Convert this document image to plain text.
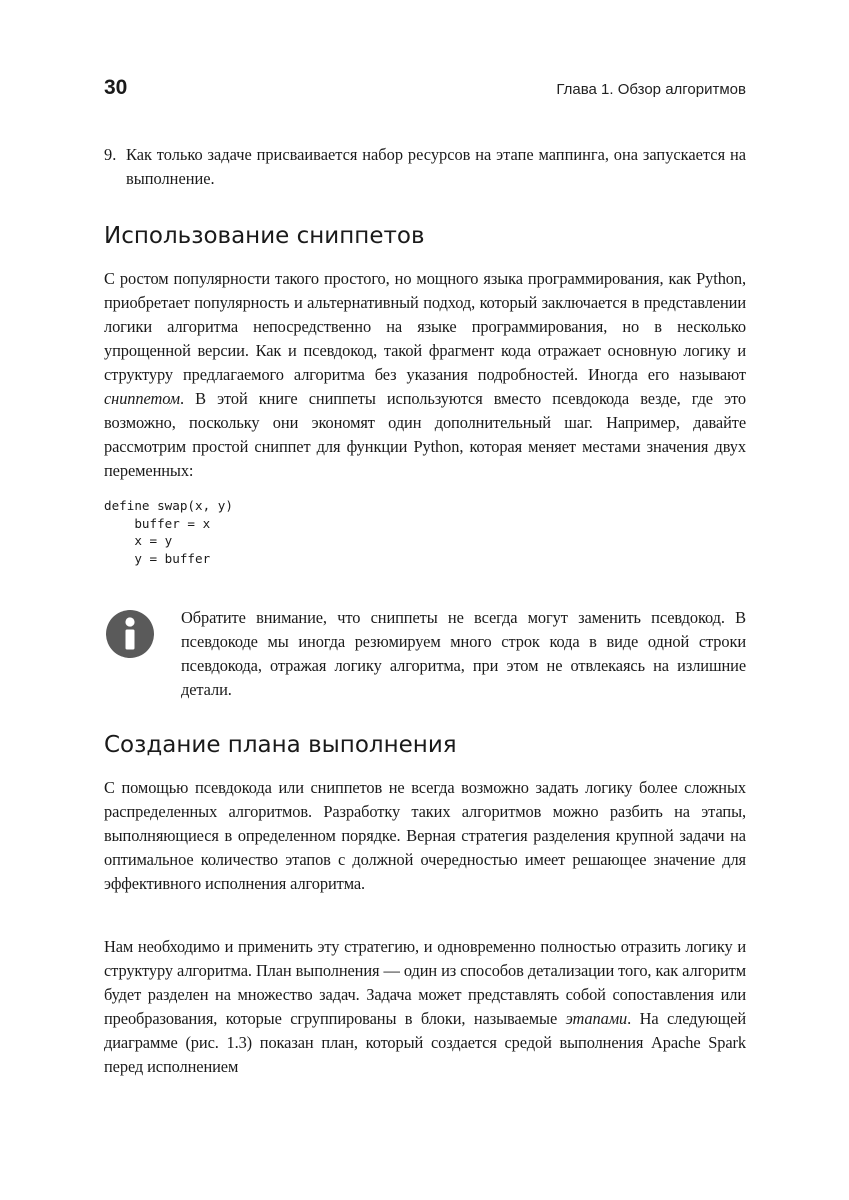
30	Глава 1. Обзор алгоритмов
9. Как только задаче присваивается набор ресурсов на этапе маппинга, она запускается на выполнение.
Использование сниппетов

С ростом популярности такого простого, но мощного языка программирования, как Python, приобретает популярность и альтернативный подход, который заключается в представлении логики алгоритма непосредственно на языке программирования, но в несколько упрощенной версии. Как и псевдокод, такой фрагмент кода отражает основную логику и структуру предлагаемого алгоритма без указания подробностей. Иногда его называют сниппетом. В этой книге сниппеты используются вместо псевдокода везде, где это возможно, поскольку они экономят один дополнительный шаг. Например, давайте рассмотрим простой сниппет для функции Python, которая меняет местами значения двух переменных:

define swap(x, y)
buffer = x
x = y
y = buffer

Обратите внимание, что сниппеты не всегда могут заменить псевдокод. В псевдокоде мы иногда резюмируем много строк кода в виде одной строки псевдокода, отражая логику алгоритма, при этом не отвлекаясь на излишние детали.

Создание плана выполнения

С помощью псевдокода или сниппетов не всегда возможно задать логику более сложных распределенных алгоритмов. Разработку таких алгоритмов можно разбить на этапы, выполняющиеся в определенном порядке. Верная стратегия разделения крупной задачи на оптимальное количество этапов с должной очередностью имеет решающее значение для эффективного исполнения алгоритма.

Нам необходимо и применить эту стратегию, и одновременно полностью отразить логику и структуру алгоритма. План выполнения — один из способов детализации того, как алгоритм будет разделен на множество задач. Задача может представлять собой сопоставления или преобразования, которые сгруппированы в блоки, называемые этапами. На следующей диаграмме (рис. 1.3) показан план, который создается средой выполнения Apache Spark перед исполнением
